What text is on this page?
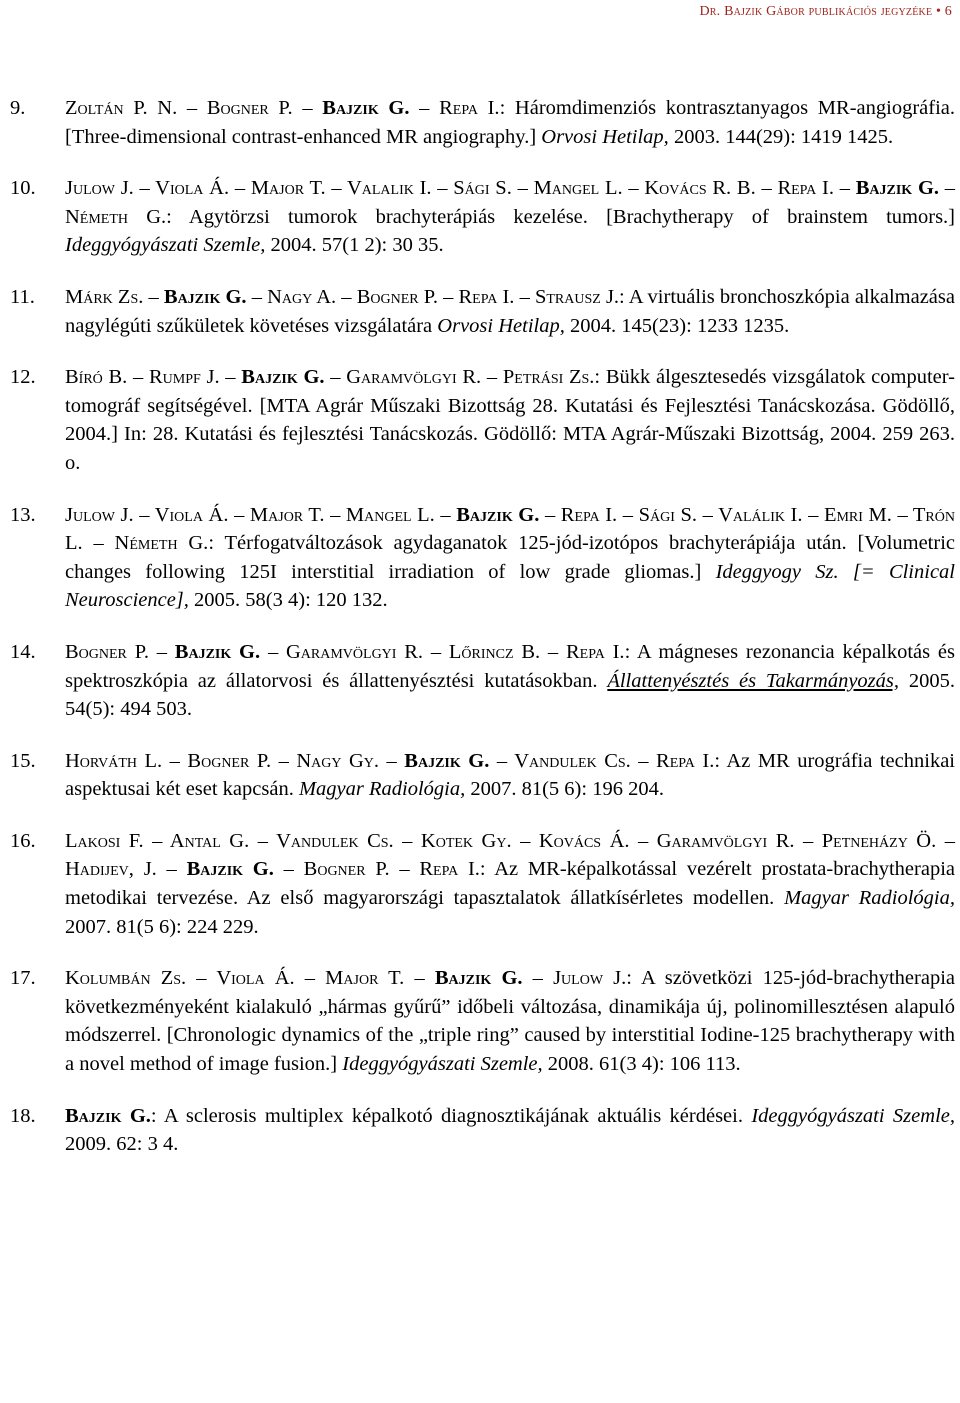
Dr. Bajzik Gábor publikációs jegyzéke • 6
9. Zoltán P. N. – Bogner P. – Bajzik G. – Repa I.: Háromdimenziós kontrasztanyagos MR-angiográfia. [Three-dimensional contrast-enhanced MR angiography.] Orvosi Hetilap, 2003. 144(29): 1419 1425.
10. Julow J. – Viola Á. – Major T. – Valalik I. – Sági S. – Mangel L. – Kovács R. B. – Repa I. – Bajzik G. – Németh G.: Agytörzsi tumorok brachyterápiás kezelése. [Brachytherapy of brainstem tumors.] Ideggyógyászati Szemle, 2004. 57(1 2): 30 35.
11. Márk Zs. – Bajzik G. – Nagy A. – Bogner P. – Repa I. – Strausz J.: A virtuális bronchoszkópia alkalmazása nagylégúti szűkületek követéses vizsgálatára Orvosi Hetilap, 2004. 145(23): 1233 1235.
12. Bíró B. – Rumpf J. – Bajzik G. – Garamvölgyi R. – Petrási Zs.: Bükk álgesztesedés vizsgálatok computer-tomográf segítségével. [MTA Agrár Műszaki Bizottság 28. Kutatási és Fejlesztési Tanácskozása. Gödöllő, 2004.] In: 28. Kutatási és fejlesztési Tanácskozás. Gödöllő: MTA Agrár-Műszaki Bizottság, 2004. 259 263. o.
13. Julow J. – Viola Á. – Major T. – Mangel L. – Bajzik G. – Repa I. – Sági S. – Valálik I. – Emri M. – Trón L. – Németh G.: Térfogatváltozások agydaganatok 125-jód-izotópos brachyterápiája után. [Volumetric changes following 125I interstitial irradiation of low grade gliomas.] Ideggyogy Sz. [= Clinical Neuroscience], 2005. 58(3 4): 120 132.
14. Bogner P. – Bajzik G. – Garamvölgyi R. – Lőrincz B. – Repa I.: A mágneses rezonancia képalkotás és spektroszkópia az állatorvosi és állattenyésztési kutatásokban. Állattenyésztés és Takarmányozás, 2005. 54(5): 494 503.
15. Horváth L. – Bogner P. – Nagy Gy. – Bajzik G. – Vandulek Cs. – Repa I.: Az MR urográfia technikai aspektusai két eset kapcsán. Magyar Radiológia, 2007. 81(5 6): 196 204.
16. Lakosi F. – Antal G. – Vandulek Cs. – Kotek Gy. – Kovács Á. – Garamvölgyi R. – Petneházy Ö. – Hadijev, J. – Bajzik G. – Bogner P. – Repa I.: Az MR-képalkotással vezérelt prostata-brachytherapia metodikai tervezése. Az első magyarországi tapasztalatok állatkísérletes modellen. Magyar Radiológia, 2007. 81(5 6): 224 229.
17. Kolumbán Zs. – Viola Á. – Major T. – Bajzik G. – Julow J.: A szövetközi 125-jód-brachytherapia következményeként kialakuló „hármas gyűrű” időbeli változása, dinamikája új, polinomillesztésen alapuló módszerrel. [Chronologic dynamics of the „triple ring” caused by interstitial Iodine-125 brachytherapy with a novel method of image fusion.] Ideggyógyászati Szemle, 2008. 61(3 4): 106 113.
18. Bajzik G.: A sclerosis multiplex képalkotó diagnosztikájának aktuális kérdései. Ideggyógyászati Szemle, 2009. 62: 3 4.
